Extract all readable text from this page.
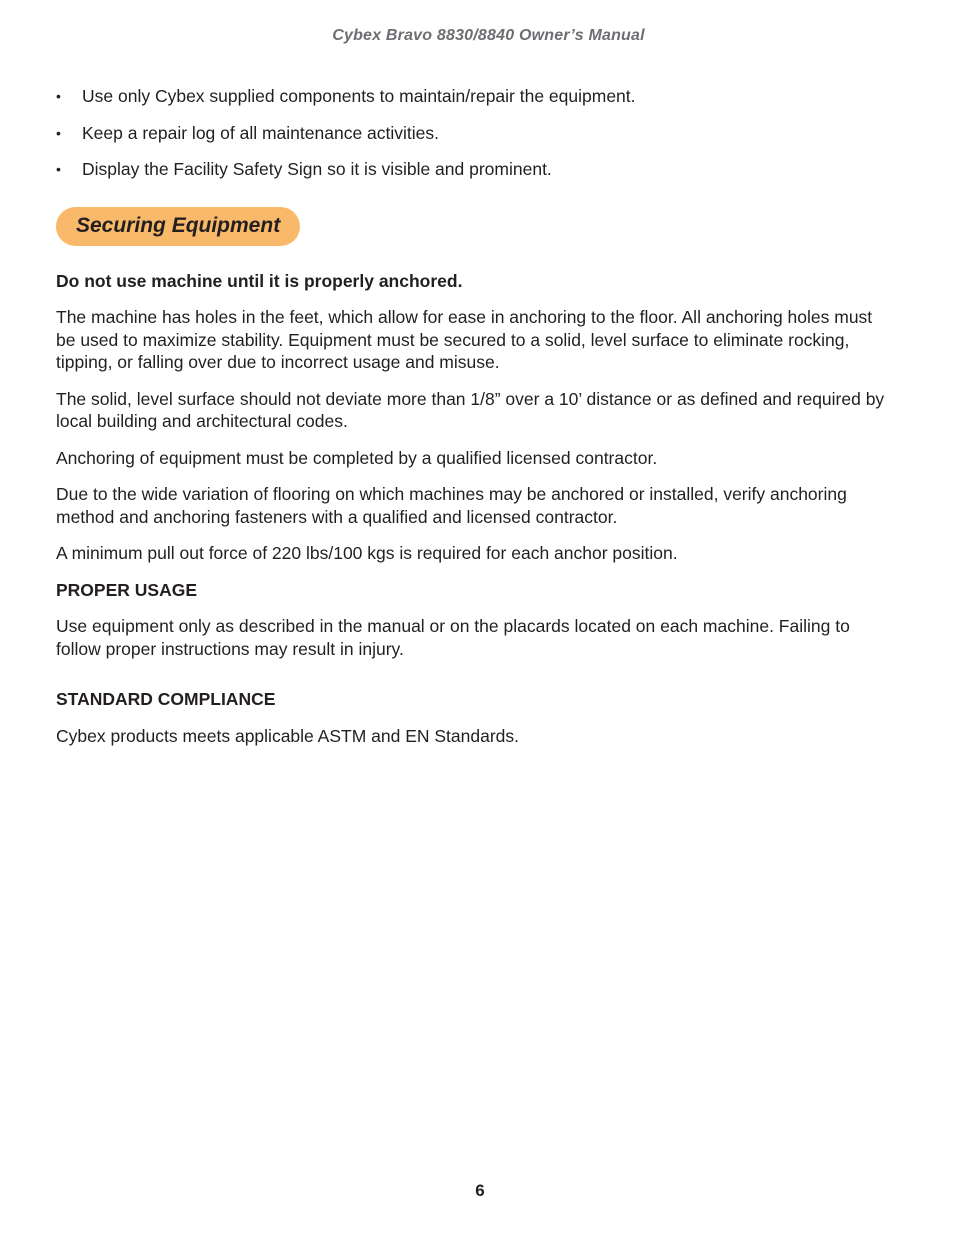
Cybex Bravo 8830/8840 Owner’s Manual
• Use only Cybex supplied components to maintain/repair the equipment.
• Keep a repair log of all maintenance activities.
• Display the Facility Safety Sign so it is visible and prominent.
Securing Equipment

Do not use machine until it is properly anchored.

The machine has holes in the feet, which allow for ease in anchoring to the floor. All anchoring holes must be used to maximize stability. Equipment must be secured to a solid, level surface to eliminate rocking, tipping, or falling over due to incorrect usage and misuse.

The solid, level surface should not deviate more than 1/8” over a 10’ distance or as defined and required by local building and architectural codes.

Anchoring of equipment must be completed by a qualified licensed contractor.

Due to the wide variation of flooring on which machines may be anchored or installed, verify anchoring method and anchoring fasteners with a qualified and licensed contractor.

A minimum pull out force of 220 lbs/100 kgs is required for each anchor position.

PROPER USAGE

Use equipment only as described in the manual or on the placards located on each machine. Failing to follow proper instructions may result in injury.

STANDARD COMPLIANCE

Cybex products meets applicable ASTM and EN Standards.

6
